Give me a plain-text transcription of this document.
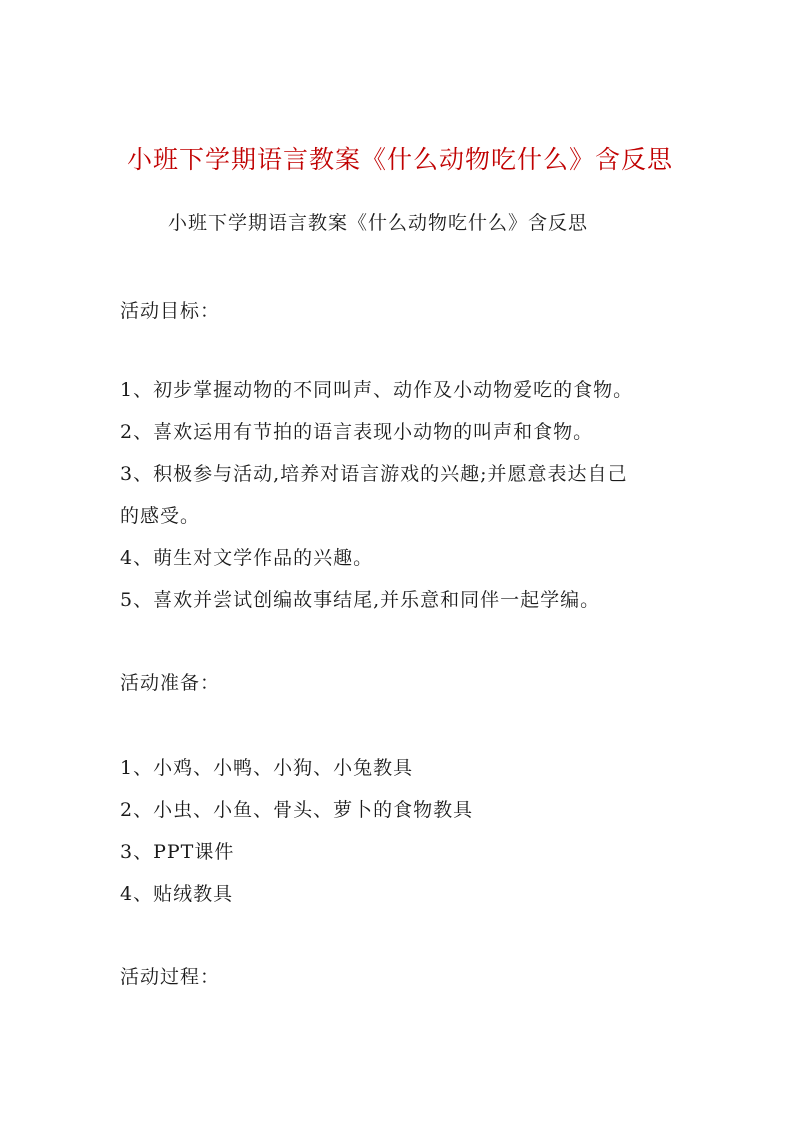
小班下学期语言教案《什么动物吃什么》含反思
小班下学期语言教案《什么动物吃什么》含反思
活动目标：
1、初步掌握动物的不同叫声、动作及小动物爱吃的食物。
2、喜欢运用有节拍的语言表现小动物的叫声和食物。
3、积极参与活动,培养对语言游戏的兴趣;并愿意表达自己
的感受。
4、萌生对文学作品的兴趣。
5、喜欢并尝试创编故事结尾,并乐意和同伴一起学编。
活动准备：
1、小鸡、小鸭、小狗、小兔教具
2、小虫、小鱼、骨头、萝卜的食物教具
3、PPT课件
4、贴绒教具
活动过程：
